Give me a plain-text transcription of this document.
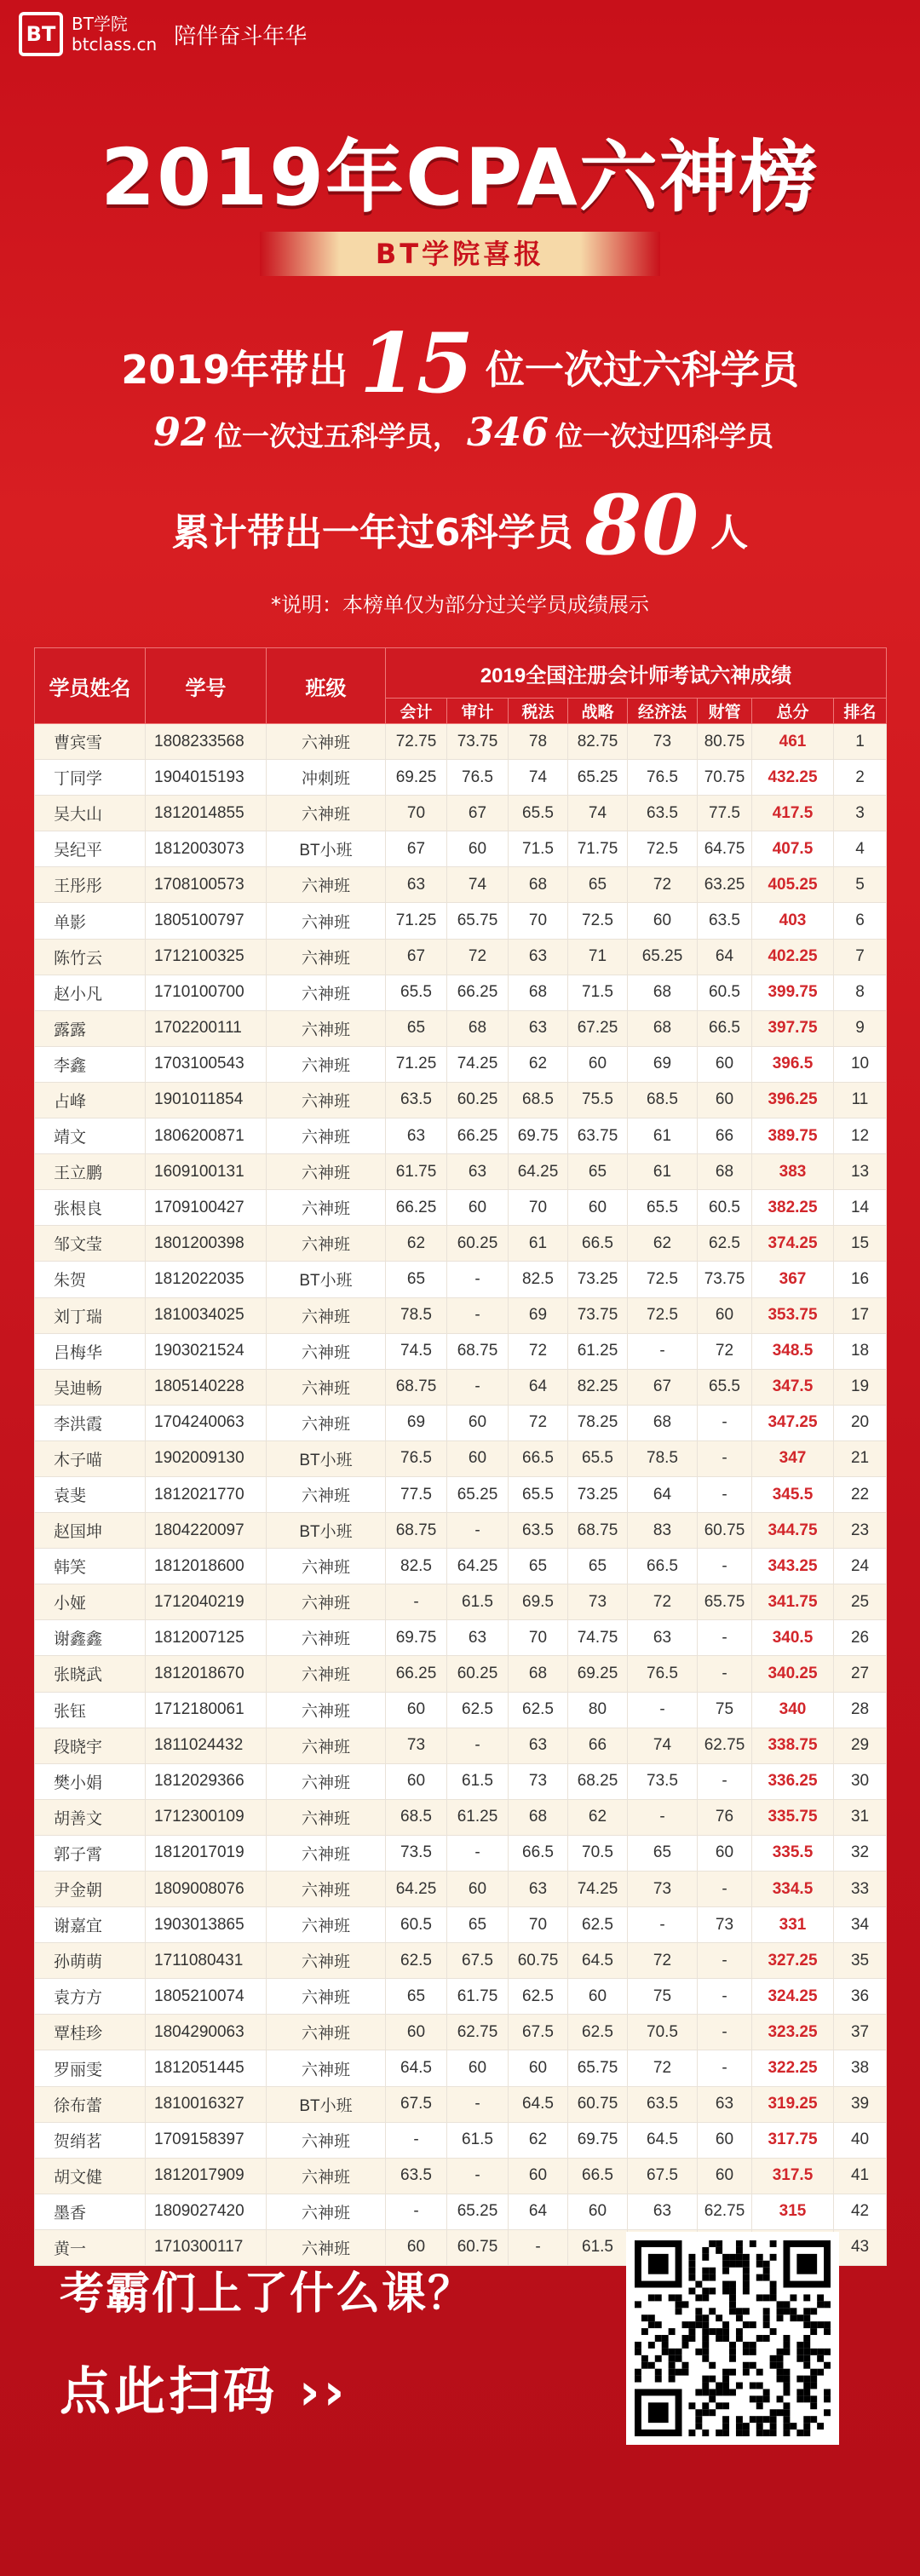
BT BT学院
btclass.cn 陪伴奋斗年华
2019年CPA六神榜
BT学院喜报
2019年带出 15 位一次过六科学员
92 位一次过五科学员， 346 位一次过四科学员
累计带出一年过6科学员 80 人
*说明：本榜单仅为部分过关学员成绩展示
学员姓名	学号	班级	2019全国注册会计师考试六神成绩							
			会计	审计	税法	战略	经济法	财管	总分	排名
曹宾雪	1808233568	六神班	72.75	73.75	78	82.75	73	80.75	461	1
丁同学	1904015193	冲刺班	69.25	76.5	74	65.25	76.5	70.75	432.25	2
吴大山	1812014855	六神班	70	67	65.5	74	63.5	77.5	417.5	3
吴纪平	1812003073	BT小班	67	60	71.5	71.75	72.5	64.75	407.5	4
王彤彤	1708100573	六神班	63	74	68	65	72	63.25	405.25	5
单影	1805100797	六神班	71.25	65.75	70	72.5	60	63.5	403	6
陈竹云	1712100325	六神班	67	72	63	71	65.25	64	402.25	7
赵小凡	1710100700	六神班	65.5	66.25	68	71.5	68	60.5	399.75	8
露露	1702200111	六神班	65	68	63	67.25	68	66.5	397.75	9
李鑫	1703100543	六神班	71.25	74.25	62	60	69	60	396.5	10
占峰	1901011854	六神班	63.5	60.25	68.5	75.5	68.5	60	396.25	11
靖文	1806200871	六神班	63	66.25	69.75	63.75	61	66	389.75	12
王立鹏	1609100131	六神班	61.75	63	64.25	65	61	68	383	13
张根良	1709100427	六神班	66.25	60	70	60	65.5	60.5	382.25	14
邹文莹	1801200398	六神班	62	60.25	61	66.5	62	62.5	374.25	15
朱贺	1812022035	BT小班	65	-	82.5	73.25	72.5	73.75	367	16
刘丁瑞	1810034025	六神班	78.5	-	69	73.75	72.5	60	353.75	17
吕梅华	1903021524	六神班	74.5	68.75	72	61.25	-	72	348.5	18
吴迪畅	1805140228	六神班	68.75	-	64	82.25	67	65.5	347.5	19
李洪霞	1704240063	六神班	69	60	72	78.25	68	-	347.25	20
木子喵	1902009130	BT小班	76.5	60	66.5	65.5	78.5	-	347	21
袁斐	1812021770	六神班	77.5	65.25	65.5	73.25	64	-	345.5	22
赵国坤	1804220097	BT小班	68.75	-	63.5	68.75	83	60.75	344.75	23
韩笑	1812018600	六神班	82.5	64.25	65	65	66.5	-	343.25	24
小娅	1712040219	六神班	-	61.5	69.5	73	72	65.75	341.75	25
谢鑫鑫	1812007125	六神班	69.75	63	70	74.75	63	-	340.5	26
张晓武	1812018670	六神班	66.25	60.25	68	69.25	76.5	-	340.25	27
张钰	1712180061	六神班	60	62.5	62.5	80	-	75	340	28
段晓宇	1811024432	六神班	73	-	63	66	74	62.75	338.75	29
樊小娟	1812029366	六神班	60	61.5	73	68.25	73.5	-	336.25	30
胡善文	1712300109	六神班	68.5	61.25	68	62	-	76	335.75	31
郭子霄	1812017019	六神班	73.5	-	66.5	70.5	65	60	335.5	32
尹金朝	1809008076	六神班	64.25	60	63	74.25	73	-	334.5	33
谢嘉宜	1903013865	六神班	60.5	65	70	62.5	-	73	331	34
孙萌萌	1711080431	六神班	62.5	67.5	60.75	64.5	72	-	327.25	35
袁方方	1805210074	六神班	65	61.75	62.5	60	75	-	324.25	36
覃桂珍	1804290063	六神班	60	62.75	67.5	62.5	70.5	-	323.25	37
罗丽雯	1812051445	六神班	64.5	60	60	65.75	72	-	322.25	38
徐布蕾	1810016327	BT小班	67.5	-	64.5	60.75	63.5	63	319.25	39
贺绡茗	1709158397	六神班	-	61.5	62	69.75	64.5	60	317.75	40
胡文健	1812017909	六神班	63.5	-	60	66.5	67.5	60	317.5	41
墨香	1809027420	六神班	-	65.25	64	60	63	62.75	315	42
黄一	1710300117	六神班	60	60.75	-	61.5				43
考霸们上了什么课？
点此扫码 ››
